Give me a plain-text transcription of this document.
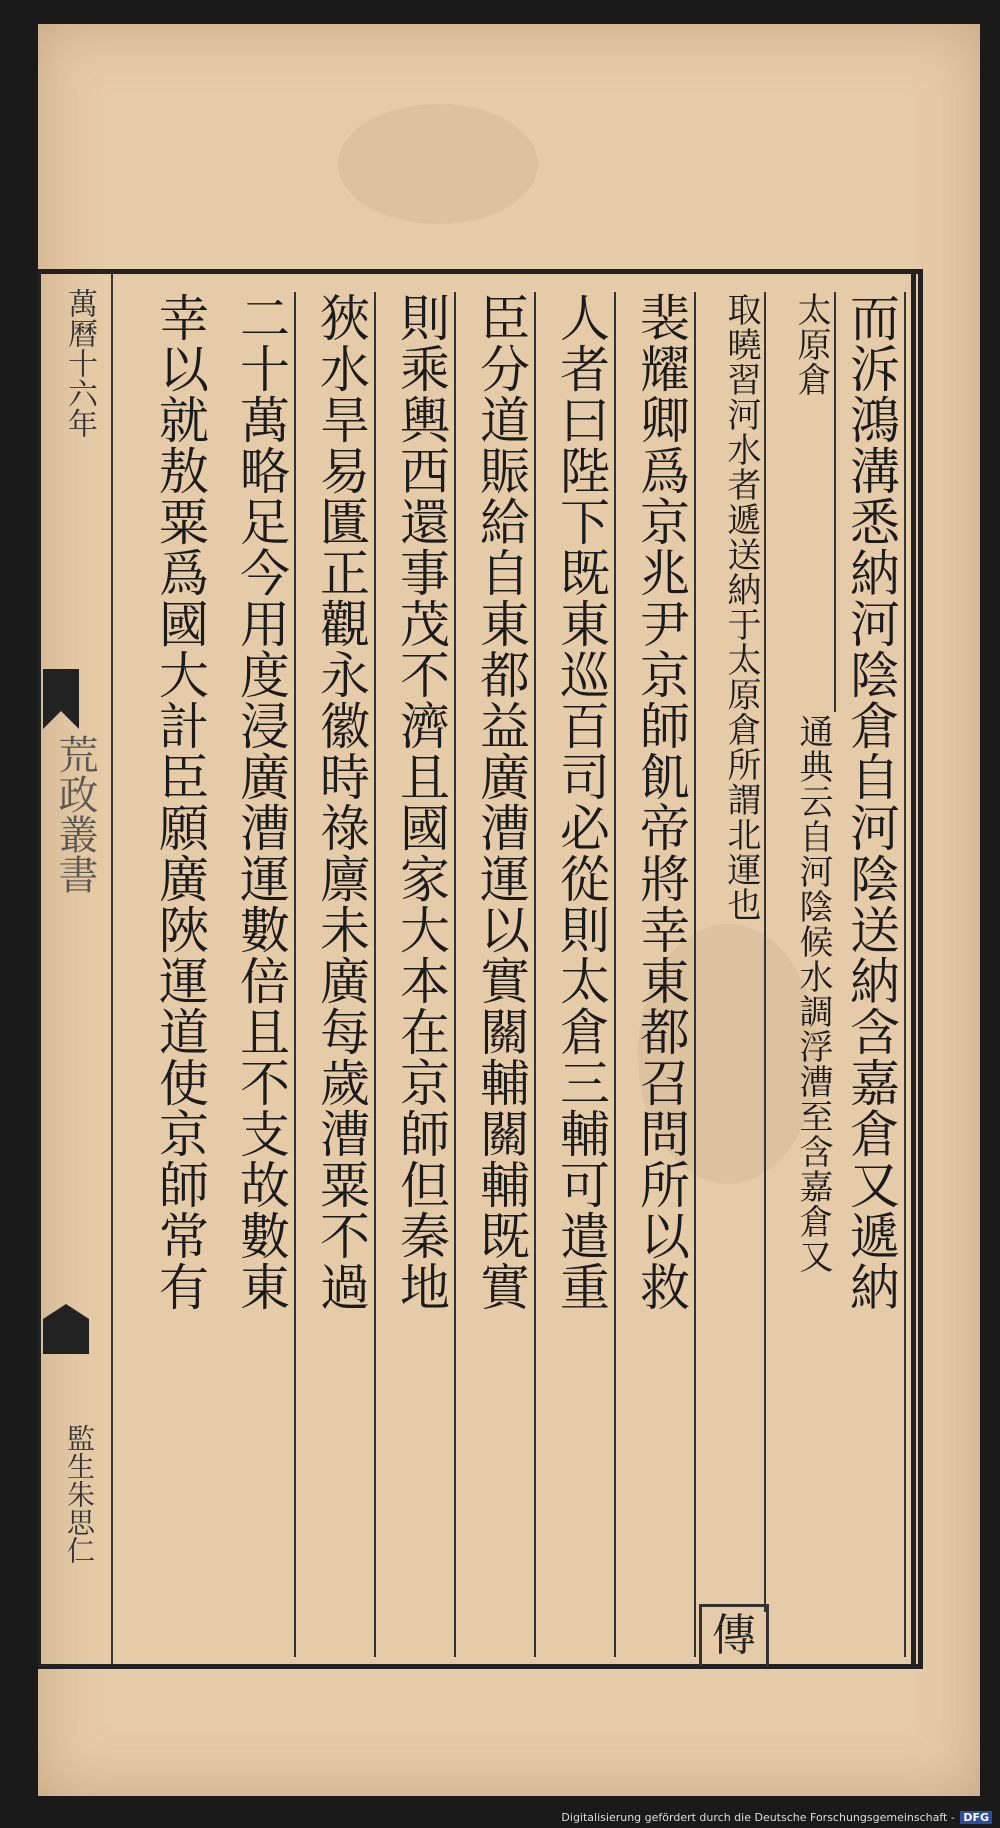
萬曆十六年
荒政叢書
監生朱思仁
而泝鴻溝悉納河陰倉自河陰送納含嘉倉又遞納
太原倉
通典云自河陰候水調浮漕至含嘉倉又
取曉習河水者遞送納于太原倉所謂北運也
裴耀卿爲京兆尹京師飢帝將幸東都召問所以救
人者曰陛下既東巡百司必從則太倉三輔可遣重
臣分道賑給自東都益廣漕運以實關輔關輔既實
則乘輿西還事茂不濟且國家大本在京師但秦地
狹水旱易匱正觀永徽時祿廪未廣每歲漕粟不過
二十萬略足今用度浸廣漕運數倍且不支故數東
幸以就敖粟爲國大計臣願廣陜運道使京師常有
傳
Digitalisierung gefördert durch die Deutsche Forschungsgemeinschaft - DFG
